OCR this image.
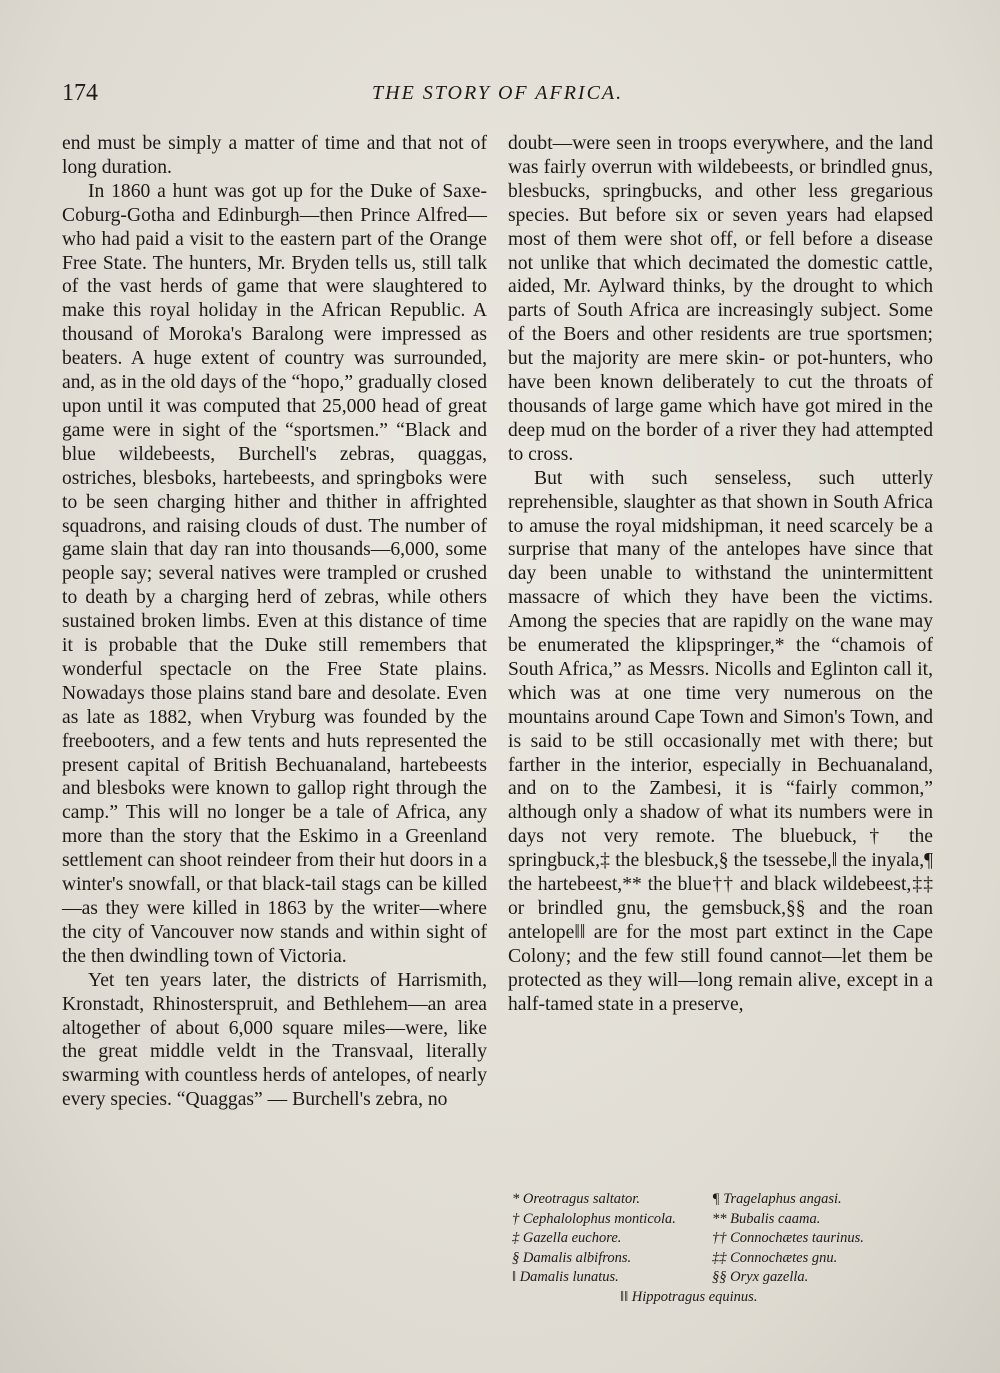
174	THE STORY OF AFRICA.

end must be simply a matter of time and that not of long duration.

In 1860 a hunt was got up for the Duke of Saxe-Coburg-Gotha and Edinburgh—then Prince Alfred—who had paid a visit to the eastern part of the Orange Free State. The hunters, Mr. Bryden tells us, still talk of the vast herds of game that were slaughtered to make this royal holiday in the African Republic. A thousand of Moroka's Baralong were impressed as beaters. A huge extent of country was surrounded, and, as in the old days of the “hopo,” gradually closed upon until it was computed that 25,000 head of great game were in sight of the “sportsmen.” “Black and blue wildebeests, Burchell's zebras, quaggas, ostriches, blesboks, hartebeests, and springboks were to be seen charging hither and thither in affrighted squadrons, and raising clouds of dust. The number of game slain that day ran into thousands—6,000, some people say; several natives were trampled or crushed to death by a charging herd of zebras, while others sustained broken limbs. Even at this distance of time it is probable that the Duke still remembers that wonderful spectacle on the Free State plains. Nowadays those plains stand bare and desolate. Even as late as 1882, when Vryburg was founded by the freebooters, and a few tents and huts represented the present capital of British Bechuanaland, hartebeests and blesboks were known to gallop right through the camp.” This will no longer be a tale of Africa, any more than the story that the Eskimo in a Greenland settlement can shoot reindeer from their hut doors in a winter's snowfall, or that black-tail stags can be killed—as they were killed in 1863 by the writer—where the city of Vancouver now stands and within sight of the then dwindling town of Victoria.

Yet ten years later, the districts of Harrismith, Kronstadt, Rhinosterspruit, and Bethlehem—an area altogether of about 6,000 square miles—were, like the great middle veldt in the Transvaal, literally swarming with countless herds of antelopes, of nearly every species. “Quaggas” — Burchell's zebra, no

doubt—were seen in troops everywhere, and the land was fairly overrun with wildebeests, or brindled gnus, blesbucks, springbucks, and other less gregarious species. But before six or seven years had elapsed most of them were shot off, or fell before a disease not unlike that which decimated the domestic cattle, aided, Mr. Aylward thinks, by the drought to which parts of South Africa are increasingly subject. Some of the Boers and other residents are true sportsmen; but the majority are mere skin- or pot-hunters, who have been known deliberately to cut the throats of thousands of large game which have got mired in the deep mud on the border of a river they had attempted to cross.

But with such senseless, such utterly reprehensible, slaughter as that shown in South Africa to amuse the royal midshipman, it need scarcely be a surprise that many of the antelopes have since that day been unable to withstand the unintermittent massacre of which they have been the victims. Among the species that are rapidly on the wane may be enumerated the klipspringer,* the “chamois of South Africa,” as Messrs. Nicolls and Eglinton call it, which was at one time very numerous on the mountains around Cape Town and Simon's Town, and is said to be still occasionally met with there; but farther in the interior, especially in Bechuanaland, and on to the Zambesi, it is “fairly common,” although only a shadow of what its numbers were in days not very remote. The bluebuck,† the springbuck,‡ the blesbuck,§ the tsessebe,‖ the inyala,¶ the hartebeest,** the blue†† and black wildebeest,‡‡ or brindled gnu, the gemsbuck,§§ and the roan antelope‖‖ are for the most part extinct in the Cape Colony; and the few still found cannot—let them be protected as they will—long remain alive, except in a half-tamed state in a preserve,

* Oreotragus saltator.	¶ Tragelaphus angasi.
† Cephalolophus monticola.	** Bubalis caama.
‡ Gazella euchore.	†† Connochætes taurinus.
§ Damalis albifrons.	‡‡ Connochætes gnu.
‖ Damalis lunatus.	§§ Oryx gazella.
‖‖ Hippotragus equinus.
